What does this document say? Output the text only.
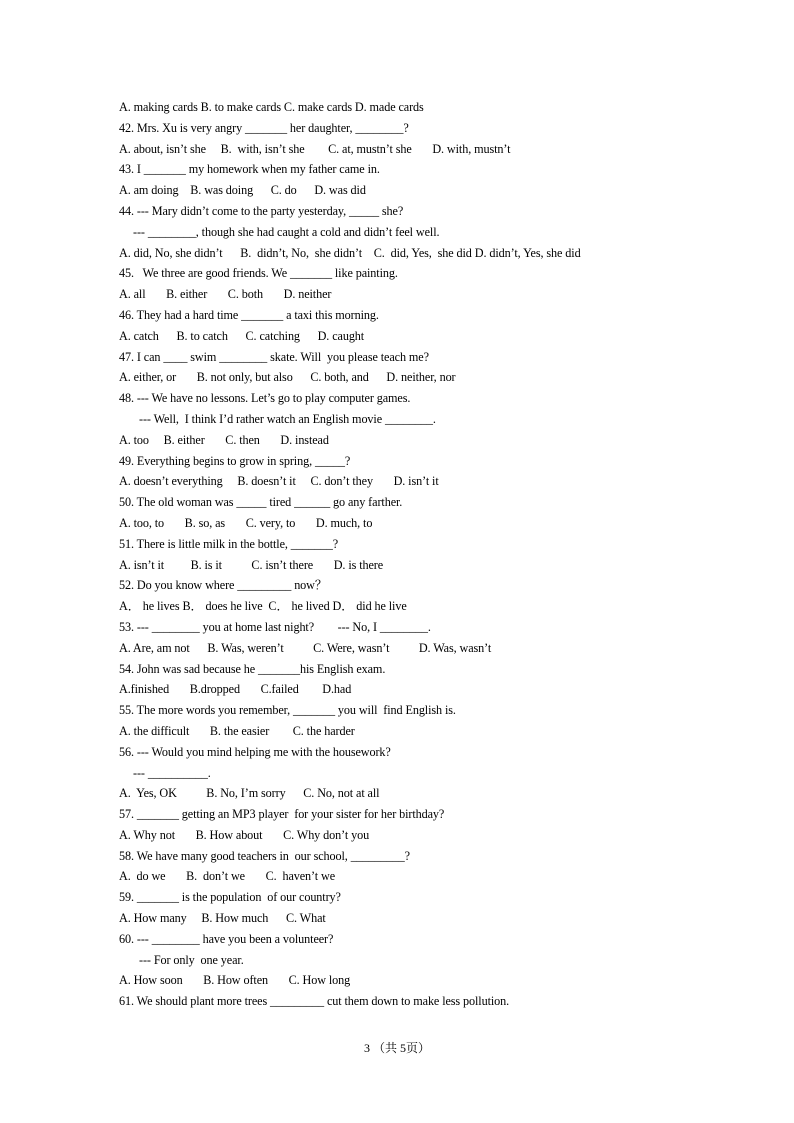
A. making cards B. to make cards C. make cards D. made cards
42. Mrs. Xu is very angry _______ her daughter, ________?
A. about, isn’t she     B.  with, isn’t she        C. at, mustn’t she       D. with, mustn’t
43. I _______ my homework when my father came in.
A. am doing    B. was doing      C. do      D. was did
44. --- Mary didn’t come to the party yesterday, _____ she?
--- ________, though she had caught a cold and didn’t feel well.
A. did, No, she didn’t      B.  didn’t, No,  she didn’t    C.  did, Yes,  she did D. didn’t, Yes, she did
45.   We three are good friends. We _______ like painting.
A. all       B. either       C. both       D. neither
46. They had a hard time _______ a taxi this morning.
A. catch      B. to catch      C. catching      D. caught
47. I can ____ swim ________ skate. Will  you please teach me?
A. either, or       B. not only, but also      C. both, and      D. neither, nor
48. --- We have no lessons. Let’s go to play computer games.
--- Well,  I think I’d rather watch an English movie ________.
A. too     B. either       C. then       D. instead
49. Everything begins to grow in spring, _____?
A. doesn’t everything     B. doesn’t it     C. don’t they       D. isn’t it
50. The old woman was _____ tired ______ go any farther.
A. too, to       B. so, as       C. very, to       D. much, to
51. There is little milk in the bottle, _______?
A. isn’t it         B. is it          C. isn’t there       D. is there
52. Do you know where _________ now？
A． he lives B． does he live  C． he lived D． did he live
53. --- ________ you at home last night?        --- No, I ________.
A. Are, am not      B. Was, weren’t          C. Were, wasn’t          D. Was, wasn’t
54. John was sad because he _______his English exam.
A.finished       B.dropped       C.failed        D.had
55. The more words you remember, _______ you will  find English is.
A. the difficult       B. the easier        C. the harder
56. --- Would you mind helping me with the housework?
--- __________.
A.  Yes, OK          B. No, I’m sorry      C. No, not at all
57. _______ getting an MP3 player  for your sister for her birthday?
A. Why not       B. How about       C. Why don’t you
58. We have many good teachers in  our school, _________?
A.  do we       B.  don’t we       C.  haven’t we
59. _______ is the population  of our country?
A. How many     B. How much      C. What
60. --- ________ have you been a volunteer?
--- For only  one year.
A. How soon       B. How often       C. How long
61. We should plant more trees _________ cut them down to make less pollution.
3 （共 5页）
